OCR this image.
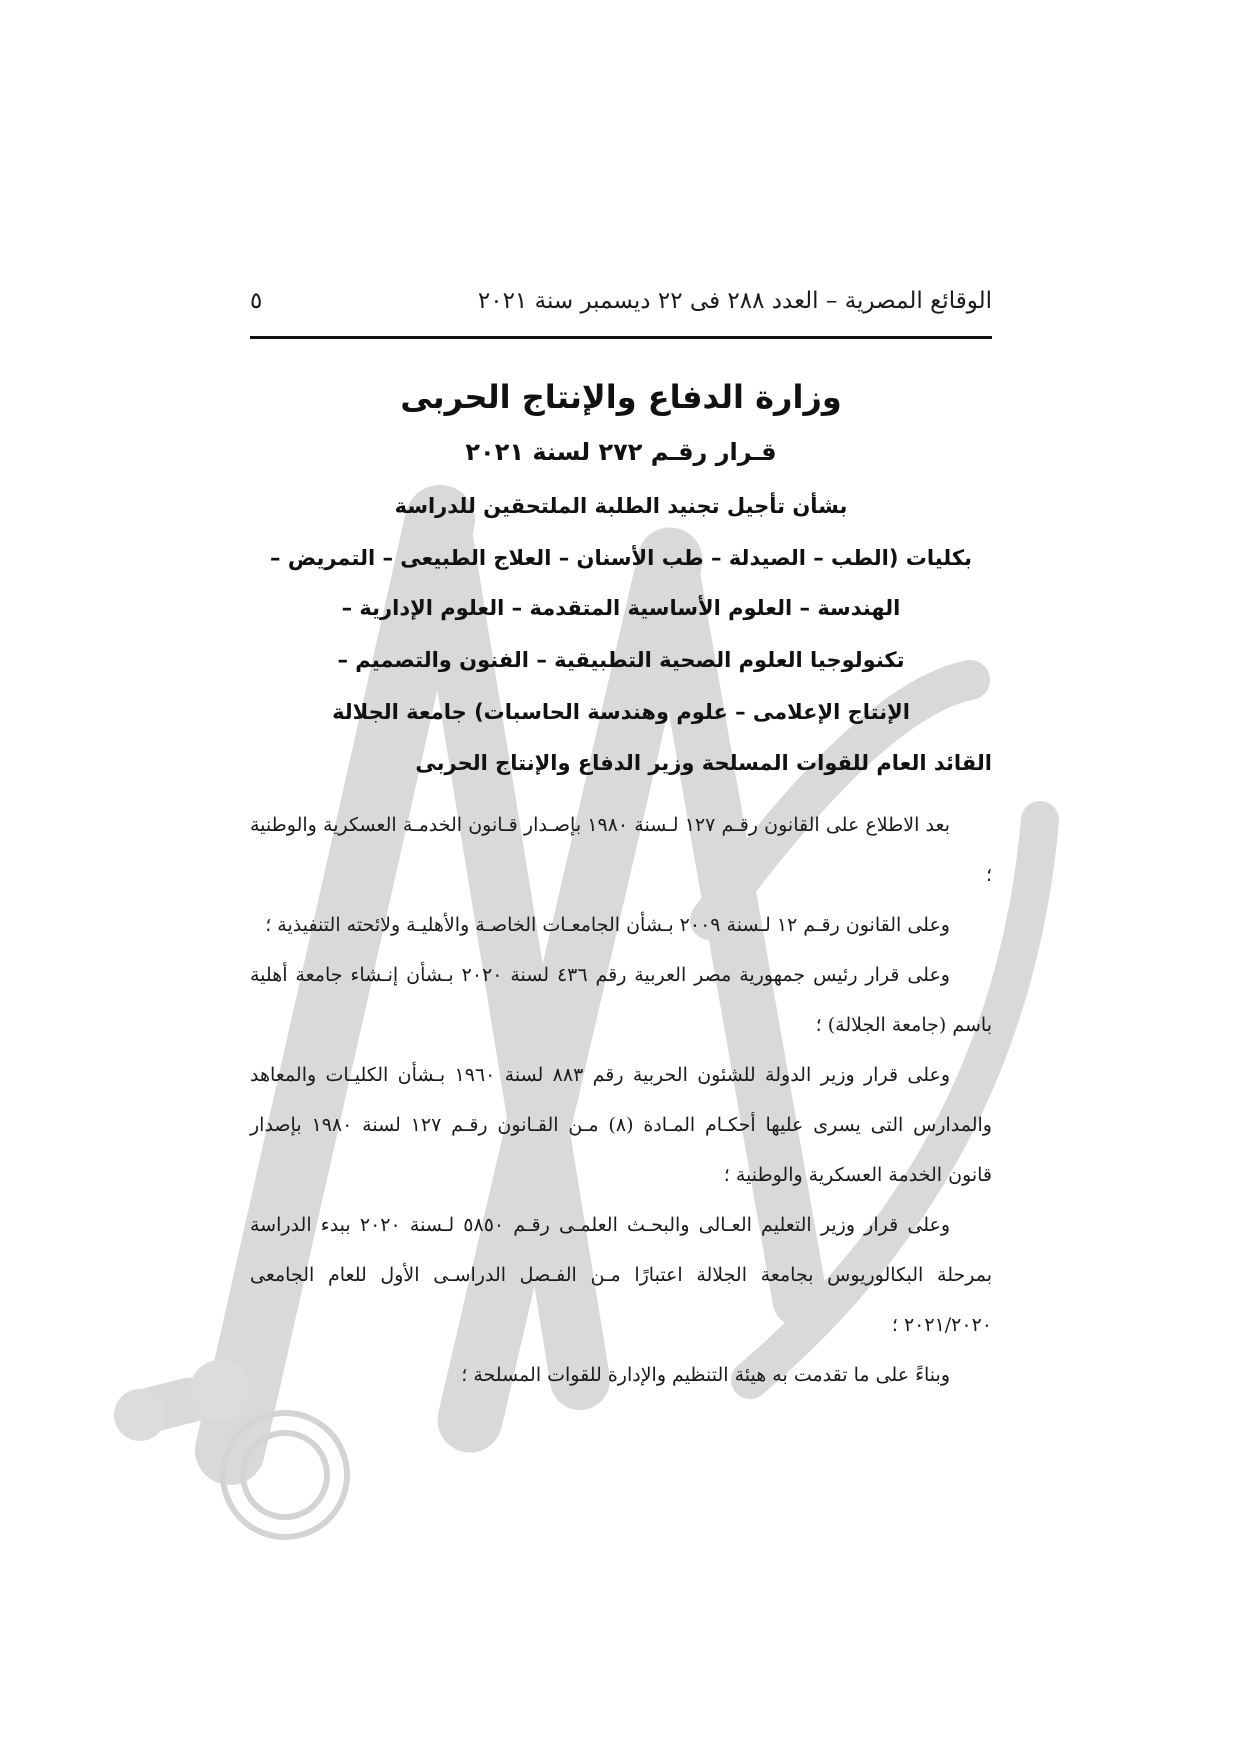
الوقائع المصرية – العدد ٢٨٨ فى ٢٢ ديسمبر سنة ٢٠٢١
٥
وزارة الدفاع والإنتاج الحربى
قـرار رقـم ٢٧٢ لسنة ٢٠٢١
بشأن تأجيل تجنيد الطلبة الملتحقين للدراسة
بكليات (الطب – الصيدلة – طب الأسنان – العلاج الطبيعى – التمريض –
الهندسة – العلوم الأساسية المتقدمة – العلوم الإدارية –
تكنولوجيا العلوم الصحية التطبيقية – الفنون والتصميم –
الإنتاج الإعلامى – علوم وهندسة الحاسبات) جامعة الجلالة
القائد العام للقوات المسلحة وزير الدفاع والإنتاج الحربى

بعد الاطلاع على القانون رقـم ١٢٧ لـسنة ١٩٨٠ بإصـدار قـانون الخدمـة العسكرية والوطنية ؛

وعلى القانون رقـم ١٢ لـسنة ٢٠٠٩ بـشأن الجامعـات الخاصـة والأهليـة ولائحته التنفيذية ؛

وعلى قرار رئيس جمهورية مصر العربية رقم ٤٣٦ لسنة ٢٠٢٠ بـشأن إنـشاء جامعة أهلية باسم (جامعة الجلالة) ؛

وعلى قرار وزير الدولة للشئون الحربية رقم ٨٨٣ لسنة ١٩٦٠ بـشأن الكليـات والمعاهد والمدارس التى يسرى عليها أحكـام المـادة (٨) مـن القـانون رقـم ١٢٧ لسنة ١٩٨٠ بإصدار قانون الخدمة العسكرية والوطنية ؛

وعلى قرار وزير التعليم العـالى والبحـث العلمـى رقـم ٥٨٥٠ لـسنة ٢٠٢٠ ببدء الدراسة بمرحلة البكالوريوس بجامعة الجلالة اعتبارًا مـن الفـصل الدراسـى الأول للعام الجامعى ٢٠٢١/٢٠٢٠ ؛

وبناءً على ما تقدمت به هيئة التنظيم والإدارة للقوات المسلحة ؛
